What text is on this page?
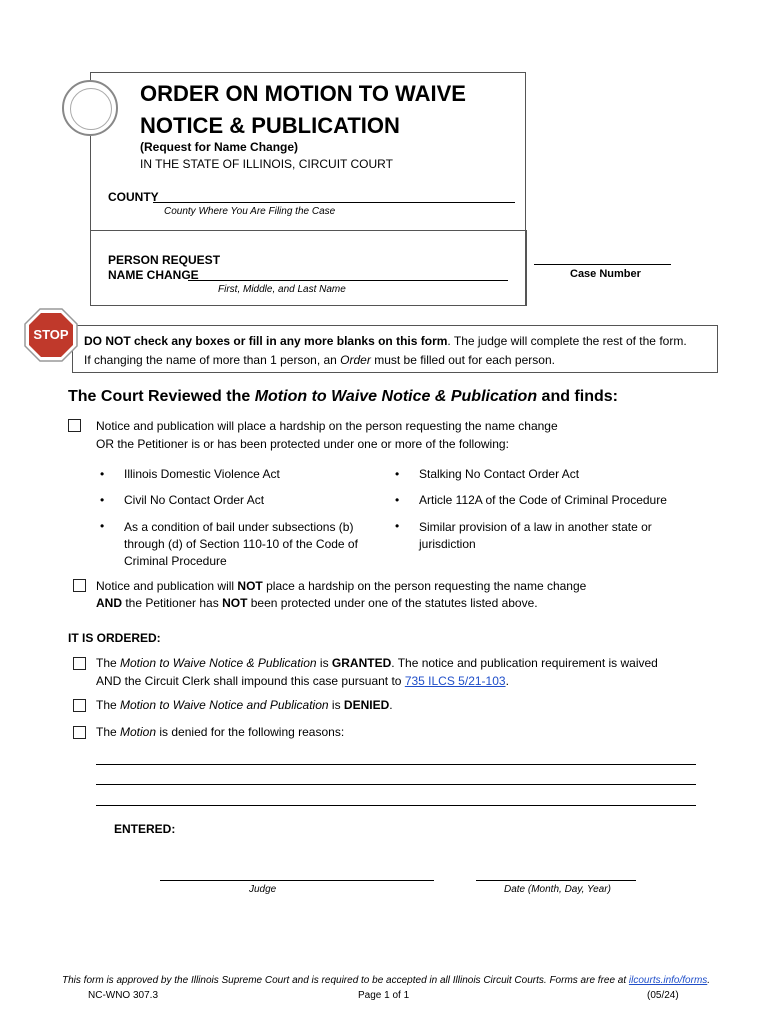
ORDER ON MOTION TO WAIVE
NOTICE & PUBLICATION
(Request for Name Change)
IN THE STATE OF ILLINOIS, CIRCUIT COURT
COUNTY
County Where You Are Filing the Case
PERSON REQUEST
NAME CHANGE
First, Middle, and Last Name
Case Number
STOP DO NOT check any boxes or fill in any more blanks on this form. The judge will complete the rest of the form.
If changing the name of more than 1 person, an Order must be filled out for each person.
The Court Reviewed the Motion to Waive Notice & Publication and finds:
Notice and publication will place a hardship on the person requesting the name change
OR the Petitioner is or has been protected under one or more of the following:
• Illinois Domestic Violence Act
• Civil No Contact Order Act
• As a condition of bail under subsections (b) through (d) of Section 110-10 of the Code of Criminal Procedure
• Stalking No Contact Order Act
• Article 112A of the Code of Criminal Procedure
• Similar provision of a law in another state or jurisdiction
Notice and publication will NOT place a hardship on the person requesting the name change
AND the Petitioner has NOT been protected under one of the statutes listed above.
IT IS ORDERED:
The Motion to Waive Notice & Publication is GRANTED. The notice and publication requirement is waived
AND the Circuit Clerk shall impound this case pursuant to 735 ILCS 5/21-103.
The Motion to Waive Notice and Publication is DENIED.
The Motion is denied for the following reasons:
ENTERED:
Judge	Date (Month, Day, Year)
This form is approved by the Illinois Supreme Court and is required to be accepted in all Illinois Circuit Courts. Forms are free at ilcourts.info/forms.
NC-WNO 307.3	Page 1 of 1	(05/24)
